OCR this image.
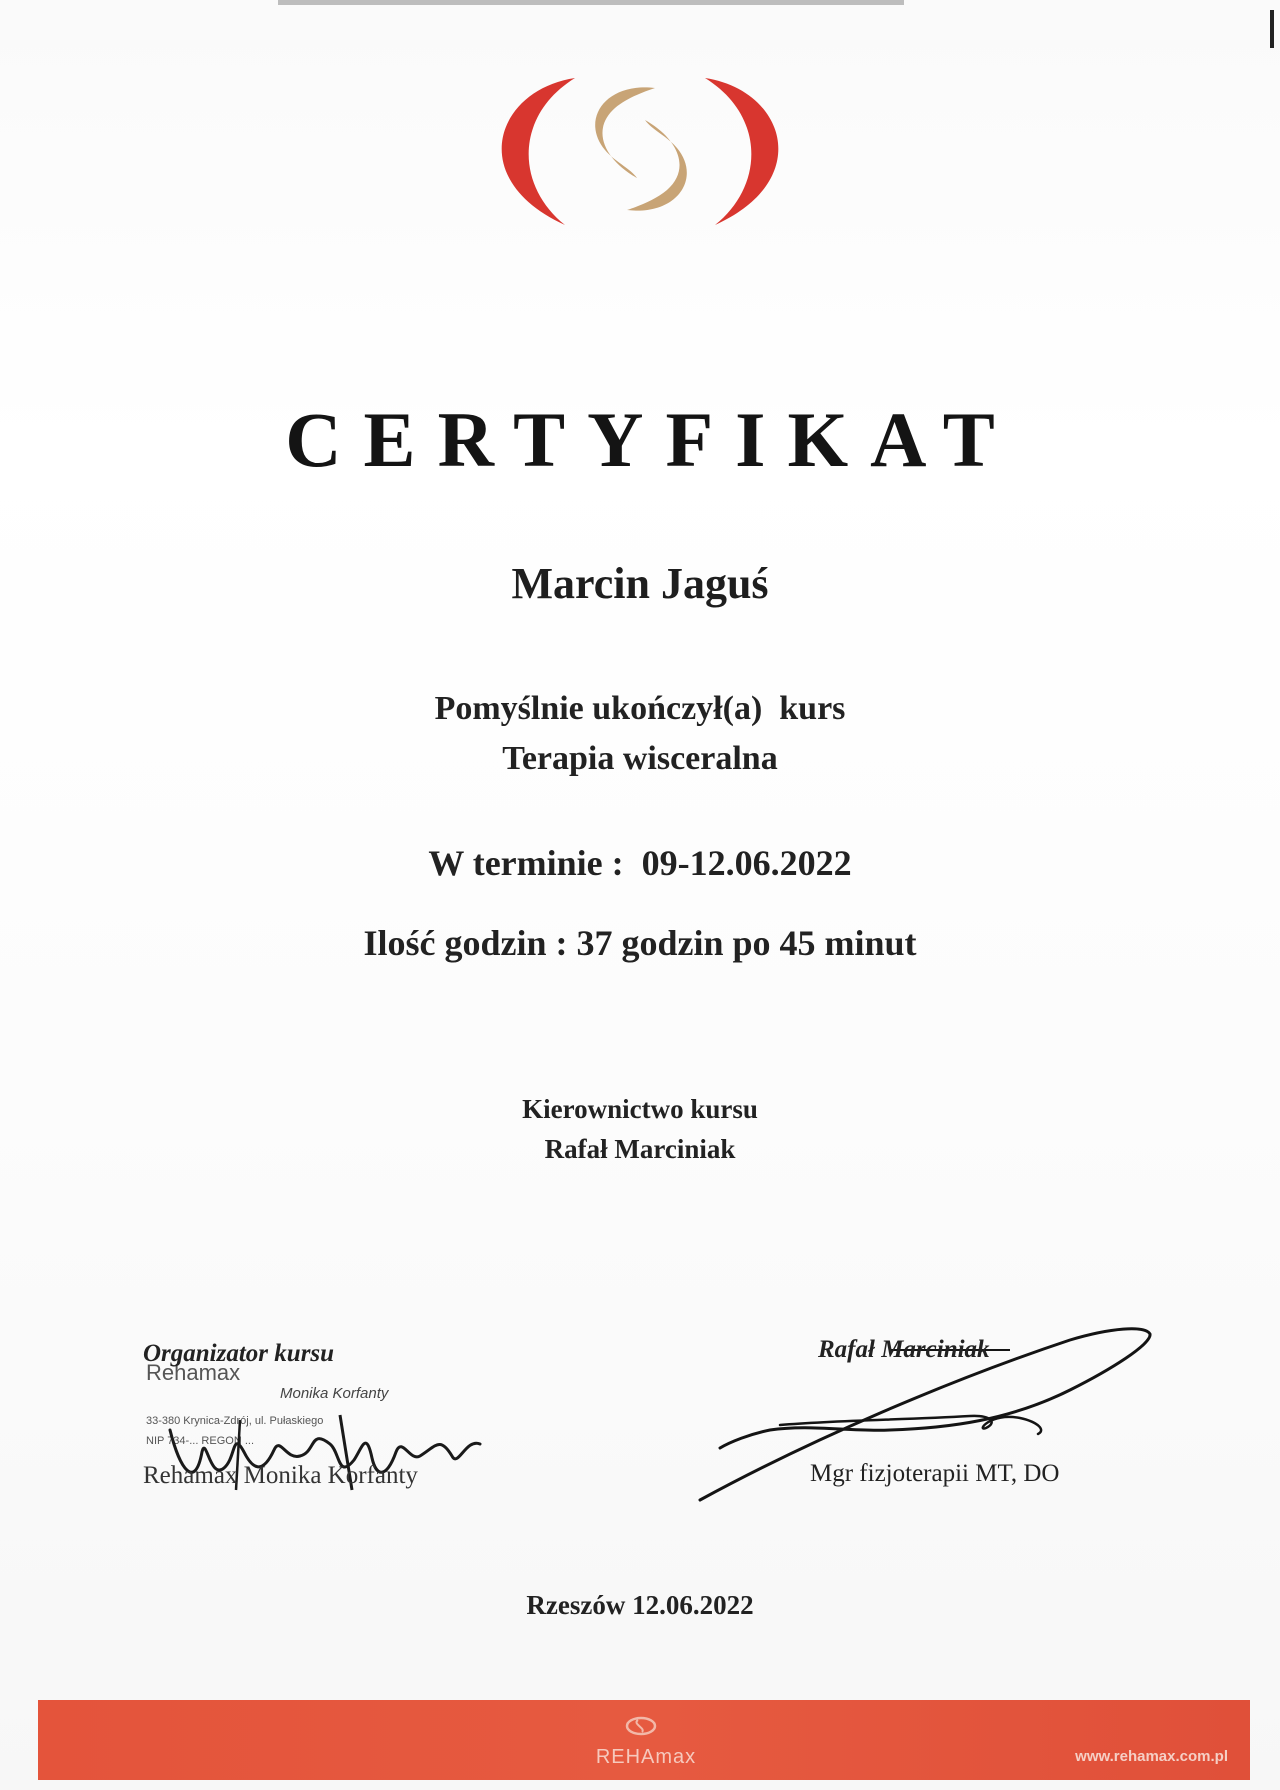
CERTYFIKAT
Marcin Jaguś
Pomyślnie ukończył(a)  kurs
Terapia wisceralna
W terminie :  09-12.06.2022
Ilość godzin : 37 godzin po 45 minut
Kierownictwo kursu
Rafał Marciniak
Rehamax
Monika Korfanty
33-380 Krynica-Zdrój, ul. Pułaskiego
NIP 734-... REGON ...
Organizator kursu
Rehamax Monika Korfanty
Rafał Marciniak
Mgr fizjoterapii MT, DO
Rzeszów 12.06.2022
REHAmax	www.rehamax.com.pl
